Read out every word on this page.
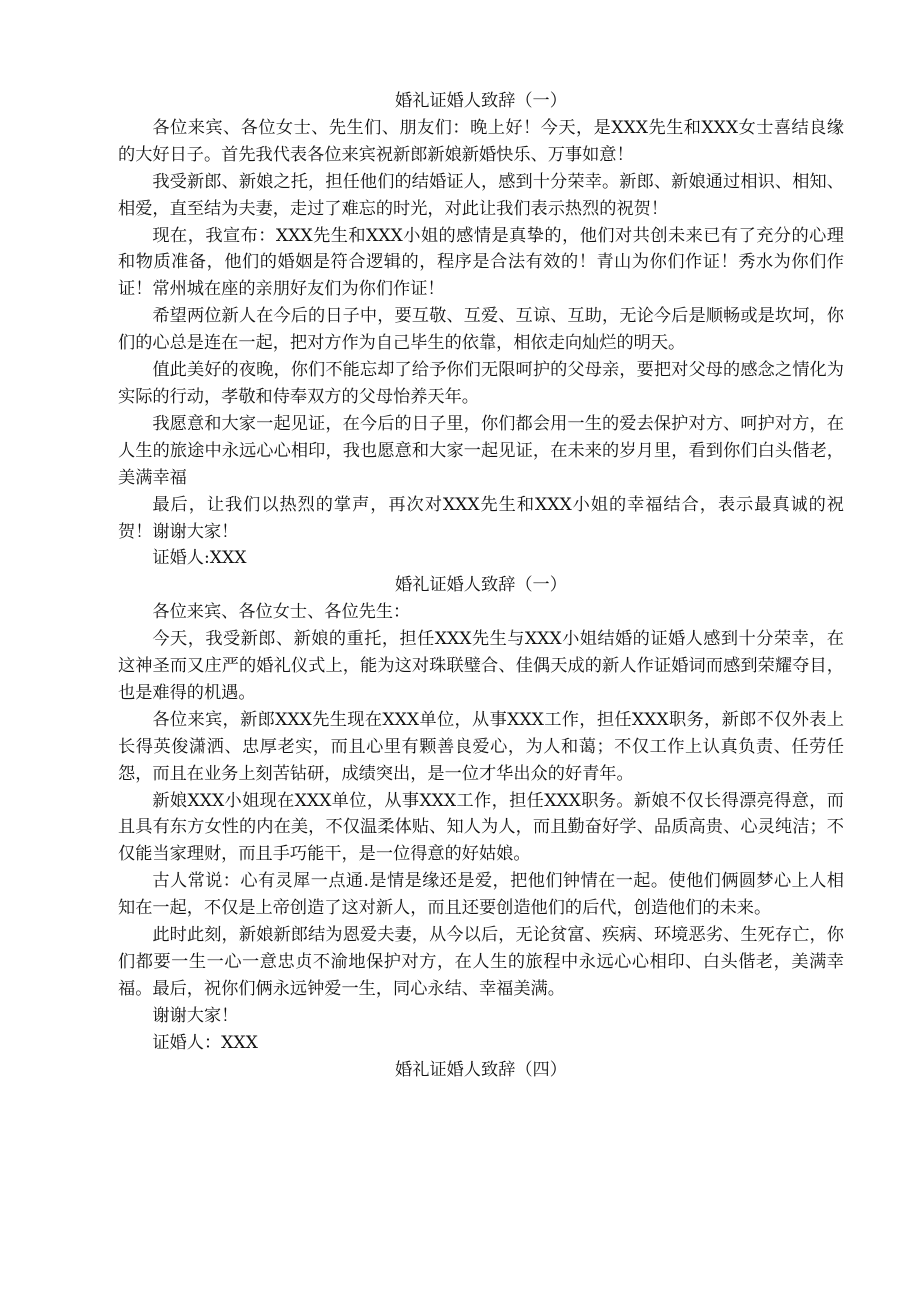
婚礼证婚人致辞（一）

各位来宾、各位女士、先生们、朋友们：晚上好！今天，是XXX先生和XXX女士喜结良缘的大好日子。首先我代表各位来宾祝新郎新娘新婚快乐、万事如意！

我受新郎、新娘之托，担任他们的结婚证人，感到十分荣幸。新郎、新娘通过相识、相知、相爱，直至结为夫妻，走过了难忘的时光，对此让我们表示热烈的祝贺！

现在，我宣布：XXX先生和XXX小姐的感情是真挚的，他们对共创未来已有了充分的心理和物质准备，他们的婚姻是符合逻辑的，程序是合法有效的！青山为你们作证！秀水为你们作证！常州城在座的亲朋好友们为你们作证！

希望两位新人在今后的日子中，要互敬、互爱、互谅、互助，无论今后是顺畅或是坎坷，你们的心总是连在一起，把对方作为自己毕生的依靠，相依走向灿烂的明天。

值此美好的夜晚，你们不能忘却了给予你们无限呵护的父母亲，要把对父母的感念之情化为实际的行动，孝敬和侍奉双方的父母怡养天年。

我愿意和大家一起见证，在今后的日子里，你们都会用一生的爱去保护对方、呵护对方，在人生的旅途中永远心心相印，我也愿意和大家一起见证，在未来的岁月里，看到你们白头偕老，美满幸福

最后，让我们以热烈的掌声，再次对XXX先生和XXX小姐的幸福结合，表示最真诚的祝贺！谢谢大家！

证婚人:XXX

婚礼证婚人致辞（一）

各位来宾、各位女士、各位先生：

今天，我受新郎、新娘的重托，担任XXX先生与XXX小姐结婚的证婚人感到十分荣幸，在这神圣而又庄严的婚礼仪式上，能为这对珠联璧合、佳偶天成的新人作证婚词而感到荣耀夺目，也是难得的机遇。

各位来宾，新郎XXX先生现在XXX单位，从事XXX工作，担任XXX职务，新郎不仅外表上长得英俊潇洒、忠厚老实，而且心里有颗善良爱心，为人和蔼；不仅工作上认真负责、任劳任怨，而且在业务上刻苦钻研，成绩突出，是一位才华出众的好青年。

新娘XXX小姐现在XXX单位，从事XXX工作，担任XXX职务。新娘不仅长得漂亮得意，而且具有东方女性的内在美，不仅温柔体贴、知人为人，而且勤奋好学、品质高贵、心灵纯洁；不仅能当家理财，而且手巧能干，是一位得意的好姑娘。

古人常说：心有灵犀一点通.是情是缘还是爱，把他们钟情在一起。使他们俩圆梦心上人相知在一起，不仅是上帝创造了这对新人，而且还要创造他们的后代，创造他们的未来。

此时此刻，新娘新郎结为恩爱夫妻，从今以后，无论贫富、疾病、环境恶劣、生死存亡，你们都要一生一心一意忠贞不渝地保护对方，在人生的旅程中永远心心相印、白头偕老，美满幸福。最后，祝你们俩永远钟爱一生，同心永结、幸福美满。

谢谢大家！

证婚人：XXX

婚礼证婚人致辞（四）
